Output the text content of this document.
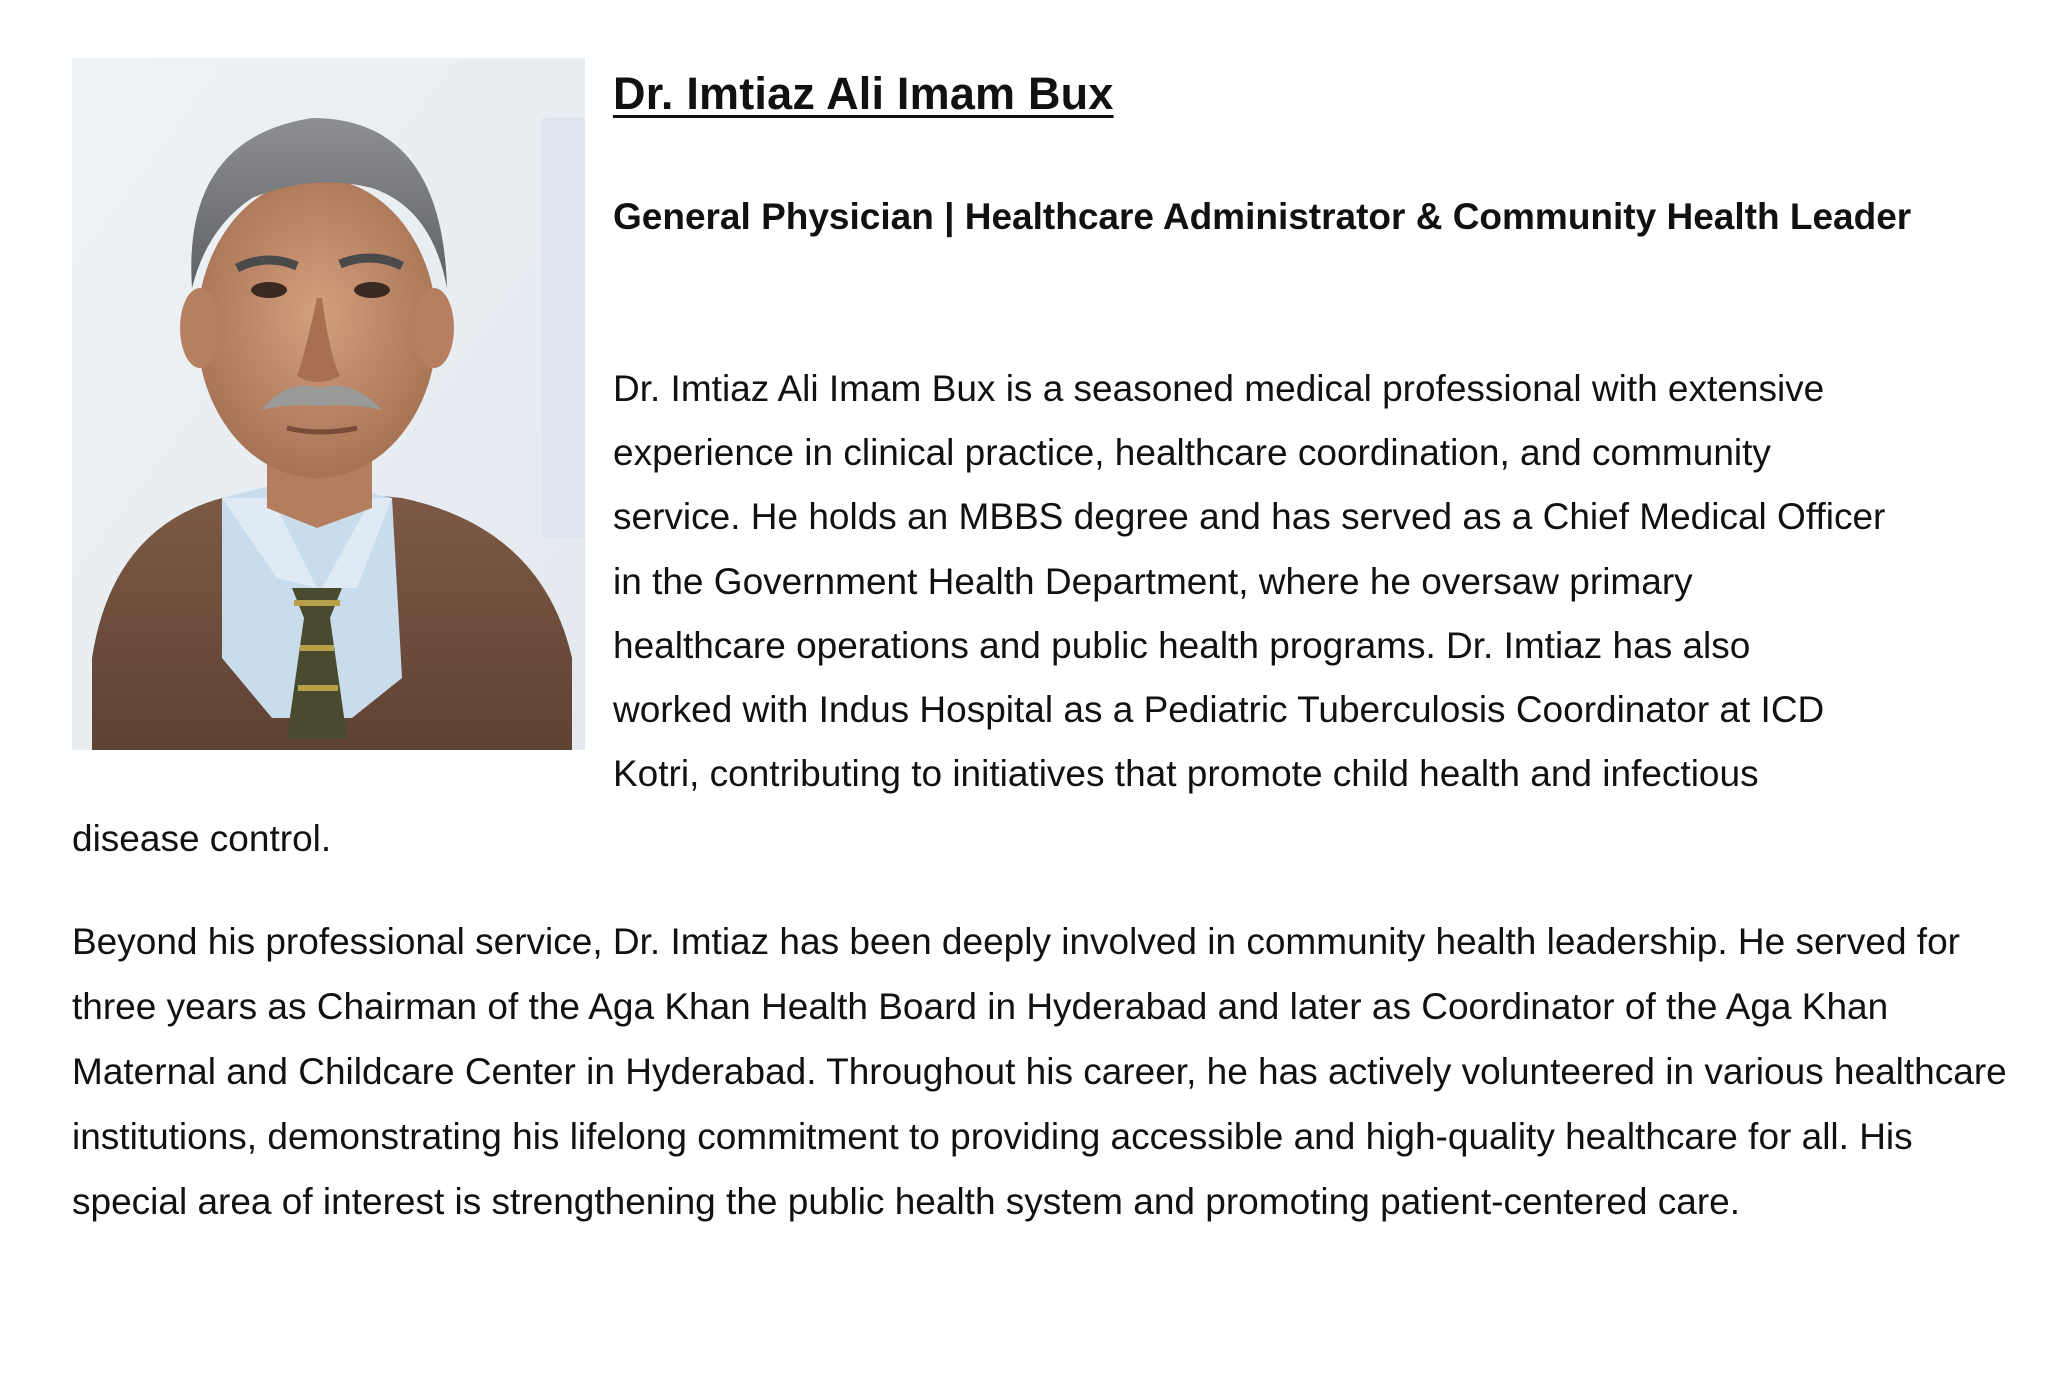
Dr. Imtiaz Ali Imam Bux
General Physician | Healthcare Administrator & Community Health Leader

Dr. Imtiaz Ali Imam Bux is a seasoned medical professional with extensive

experience in clinical practice, healthcare coordination, and community

service. He holds an MBBS degree and has served as a Chief Medical Officer

in the Government Health Department, where he oversaw primary

healthcare operations and public health programs. Dr. Imtiaz has also

worked with Indus Hospital as a Pediatric Tuberculosis Coordinator at ICD

Kotri, contributing to initiatives that promote child health and infectious

disease control.

Beyond his professional service, Dr. Imtiaz has been deeply involved in community health leadership. He served for three years as Chairman of the Aga Khan Health Board in Hyderabad and later as Coordinator of the Aga Khan Maternal and Childcare Center in Hyderabad. Throughout his career, he has actively volunteered in various healthcare institutions, demonstrating his lifelong commitment to providing accessible and high-quality healthcare for all. His special area of interest is strengthening the public health system and promoting patient-centered care.
